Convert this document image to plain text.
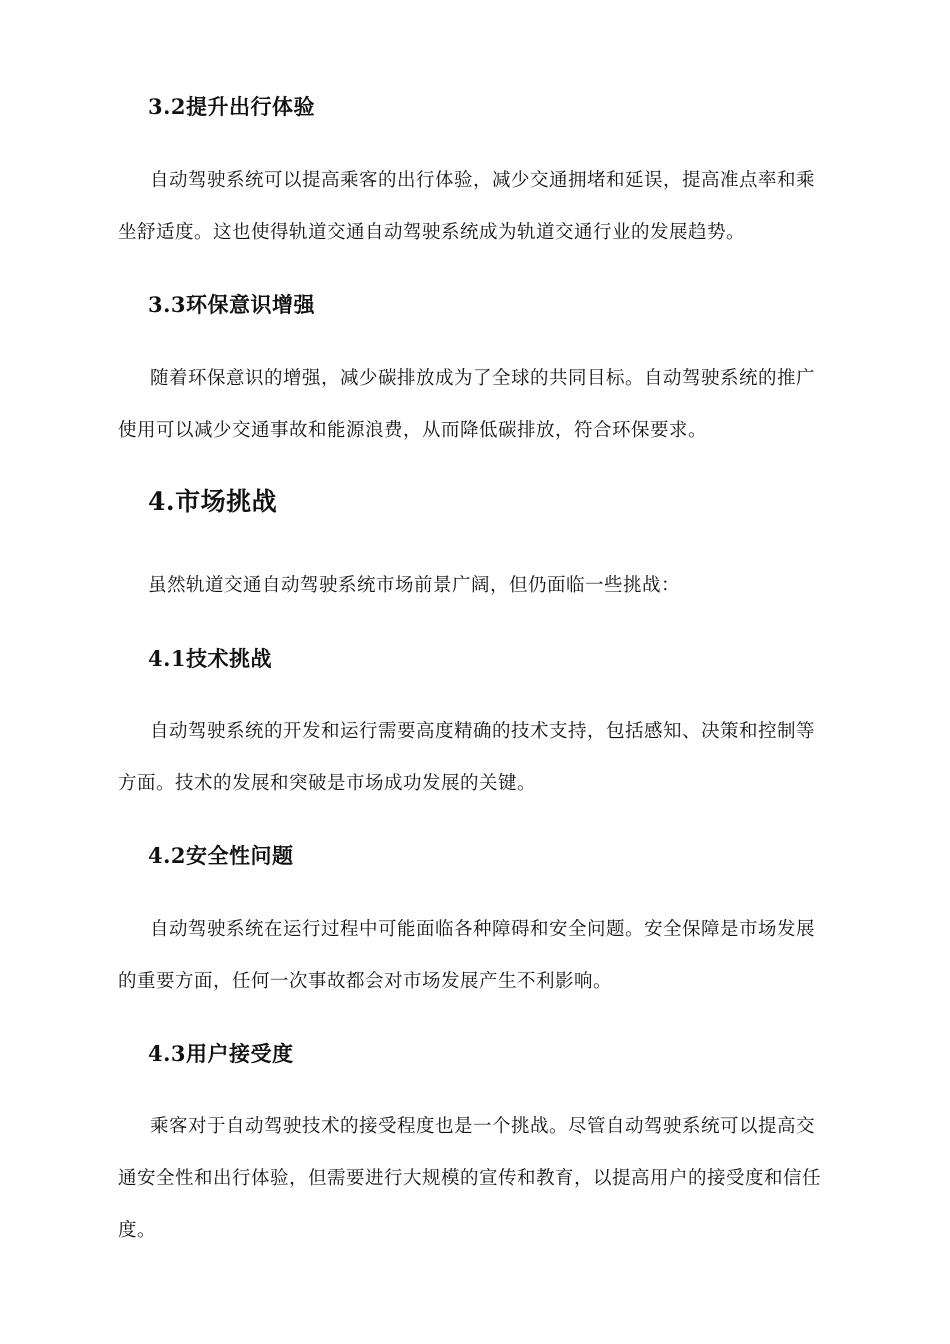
3.2提升出行体验

自动驾驶系统可以提高乘客的出行体验，减少交通拥堵和延误，提高准点率和乘坐舒适度。这也使得轨道交通自动驾驶系统成为轨道交通行业的发展趋势。

3.3环保意识增强

随着环保意识的增强，减少碳排放成为了全球的共同目标。自动驾驶系统的推广使用可以减少交通事故和能源浪费，从而降低碳排放，符合环保要求。

4.市场挑战

虽然轨道交通自动驾驶系统市场前景广阔，但仍面临一些挑战：

4.1技术挑战

自动驾驶系统的开发和运行需要高度精确的技术支持，包括感知、决策和控制等方面。技术的发展和突破是市场成功发展的关键。

4.2安全性问题

自动驾驶系统在运行过程中可能面临各种障碍和安全问题。安全保障是市场发展的重要方面，任何一次事故都会对市场发展产生不利影响。

4.3用户接受度

乘客对于自动驾驶技术的接受程度也是一个挑战。尽管自动驾驶系统可以提高交通安全性和出行体验，但需要进行大规模的宣传和教育，以提高用户的接受度和信任度。
